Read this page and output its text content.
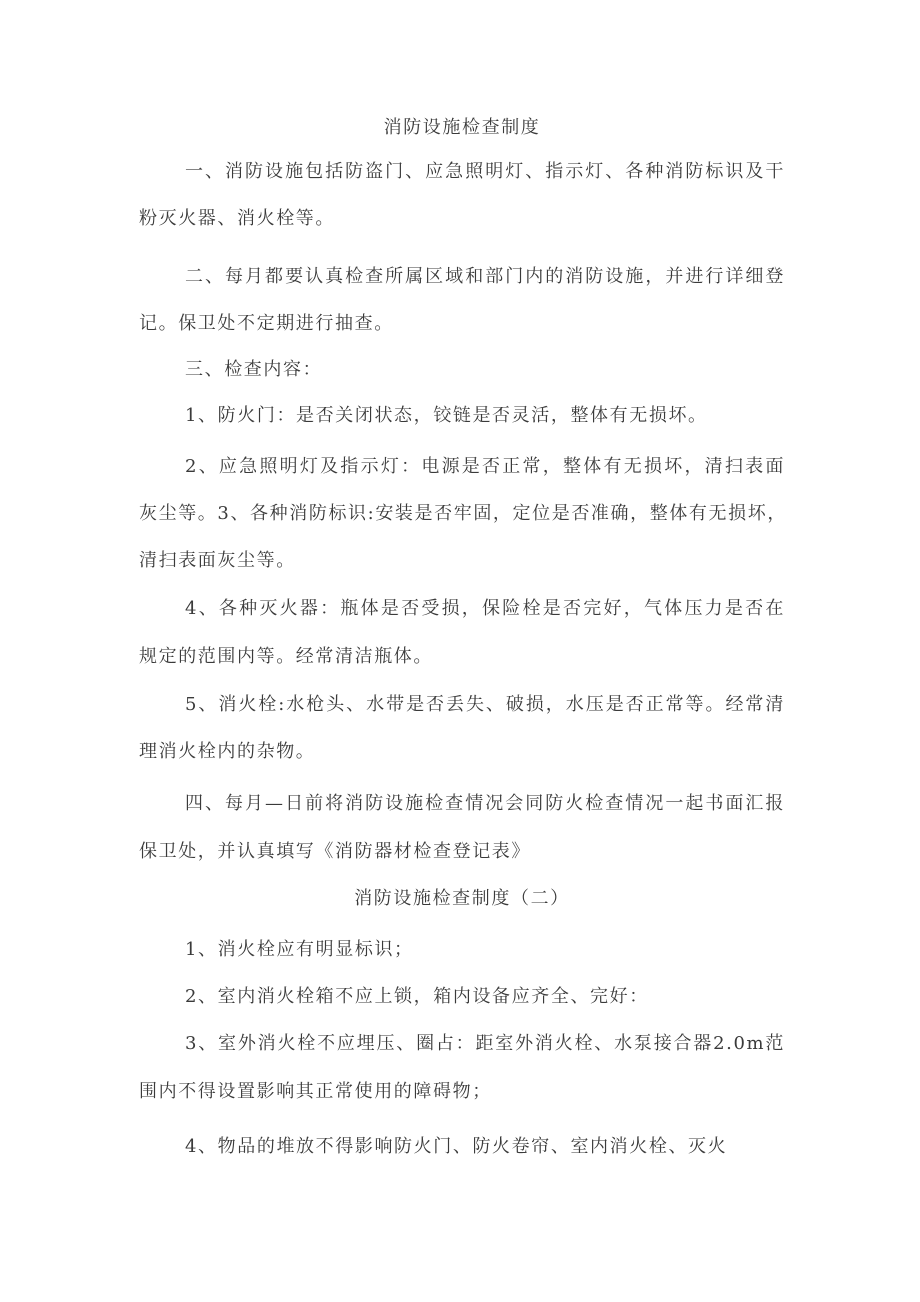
消防设施检查制度
一、消防设施包括防盗门、应急照明灯、指示灯、各种消防标识及干
粉灭火器、消火栓等。
二、每月都要认真检查所属区域和部门内的消防设施，并进行详细登
记。保卫处不定期进行抽查。
三、检查内容：
1、防火门：是否关闭状态，铰链是否灵活，整体有无损坏。
2、应急照明灯及指示灯：电源是否正常，整体有无损坏，清扫表面
灰尘等。3、各种消防标识:安装是否牢固，定位是否准确，整体有无损坏，
清扫表面灰尘等。
4、各种灭火器：瓶体是否受损，保险栓是否完好，气体压力是否在
规定的范围内等。经常清洁瓶体。
5、消火栓:水枪头、水带是否丢失、破损，水压是否正常等。经常清
理消火栓内的杂物。
四、每月—日前将消防设施检查情况会同防火检查情况一起书面汇报
保卫处，并认真填写《消防器材检查登记表》
消防设施检查制度（二）
1、消火栓应有明显标识；
2、室内消火栓箱不应上锁，箱内设备应齐全、完好：
3、室外消火栓不应埋压、圈占：距室外消火栓、水泵接合器2.0m范
围内不得设置影响其正常使用的障碍物；
4、物品的堆放不得影响防火门、防火卷帘、室内消火栓、灭火
